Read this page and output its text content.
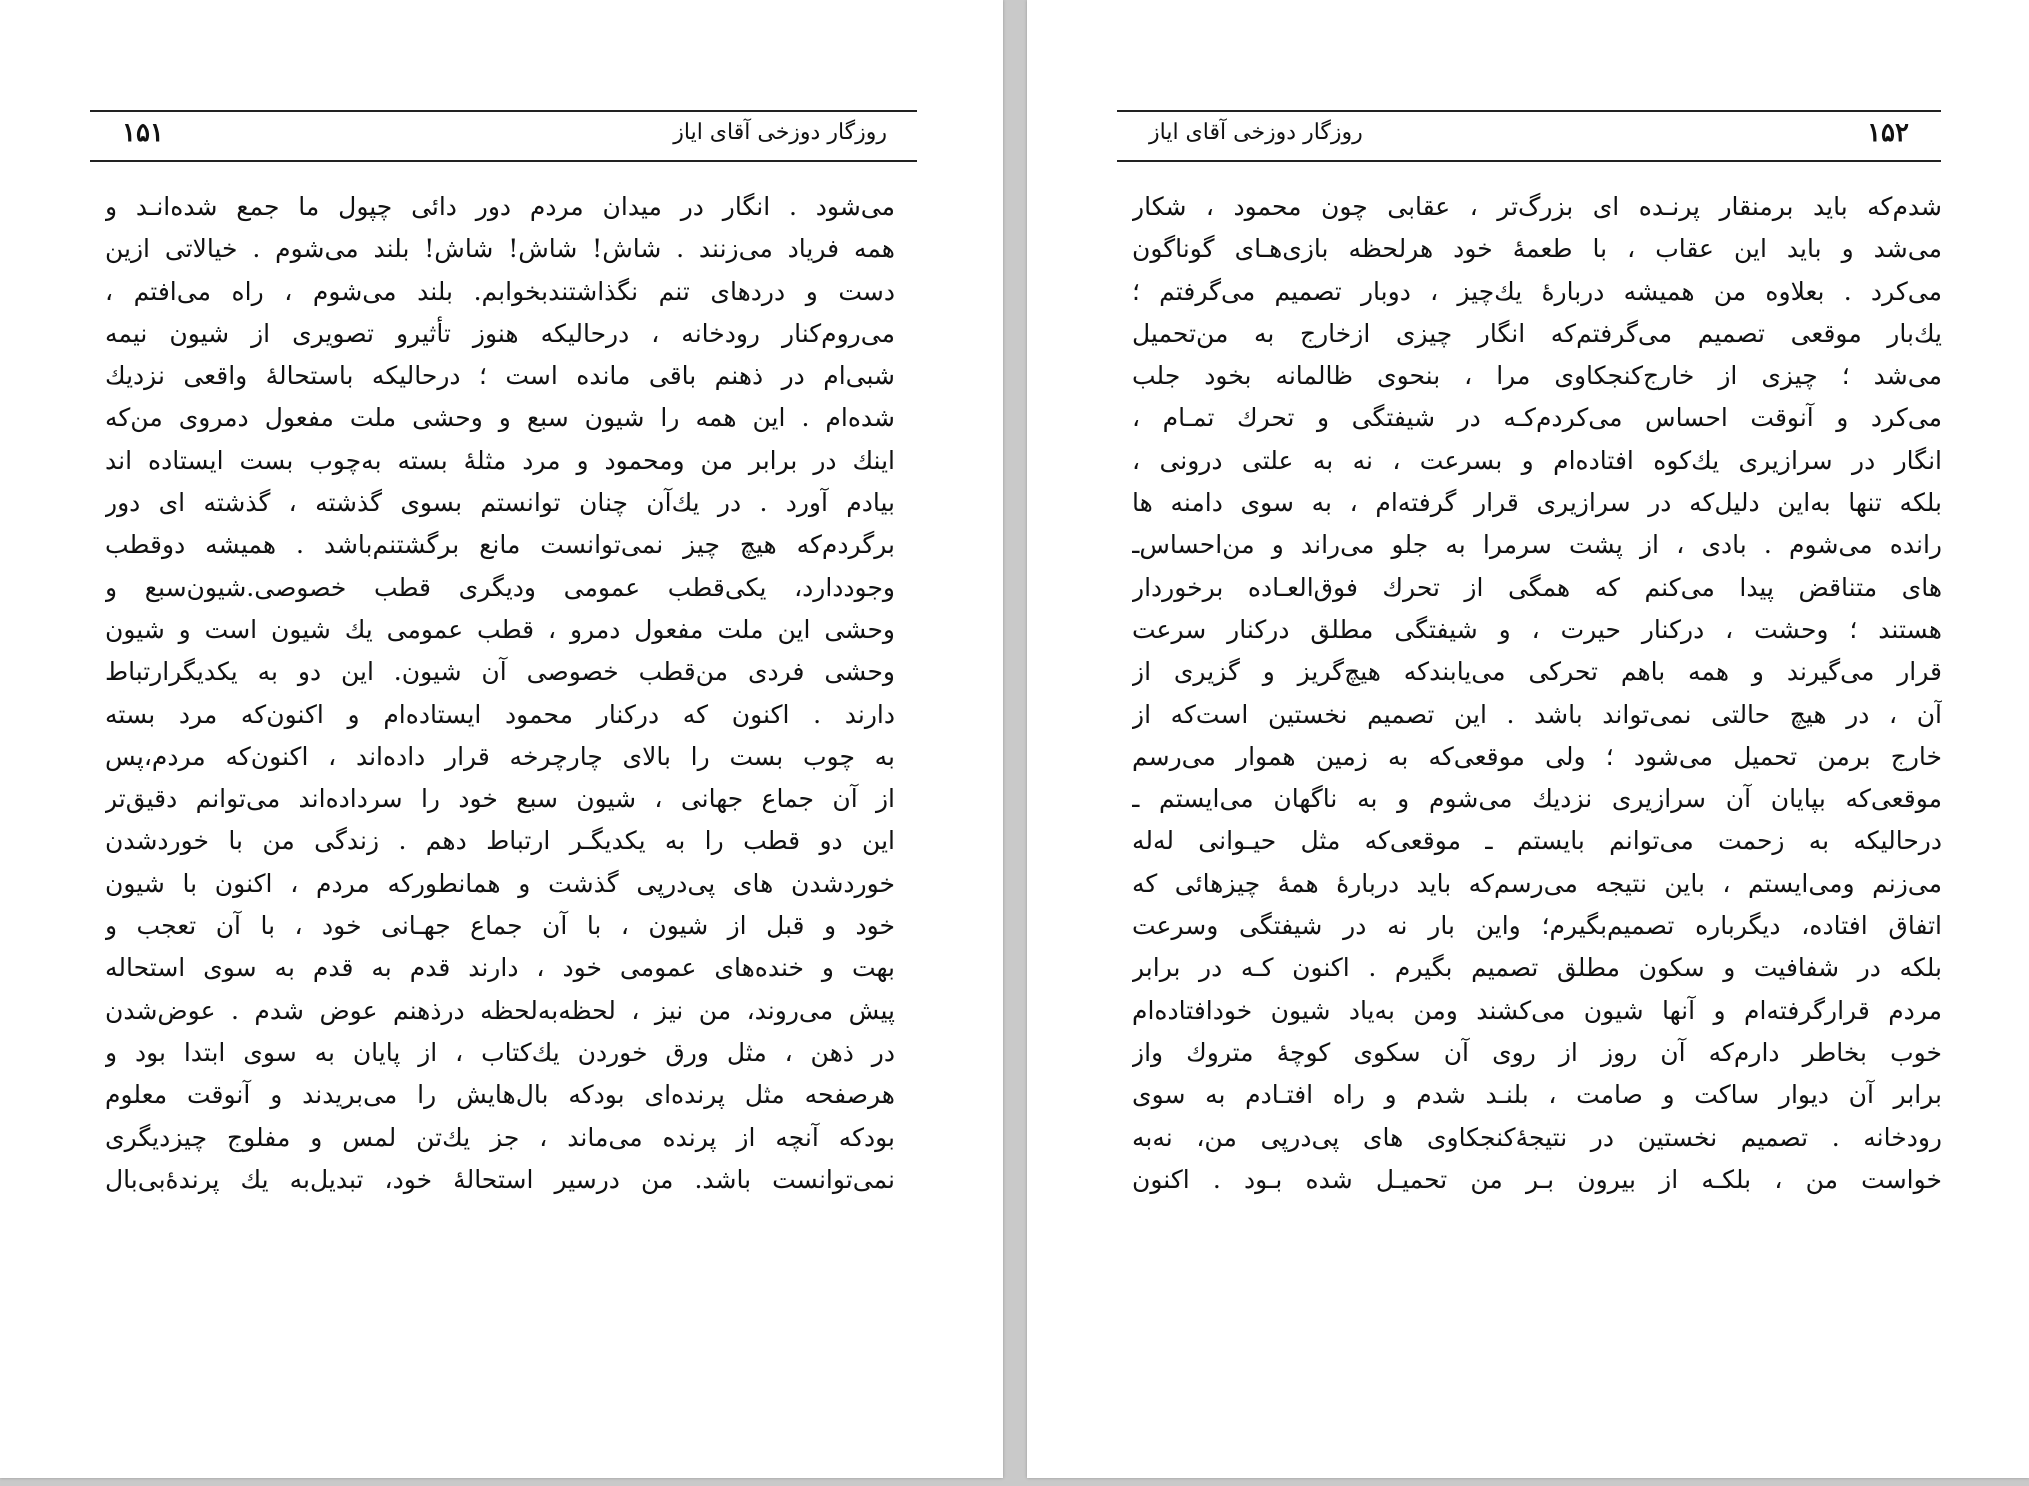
۱۵۱	روزگار دوزخی آقای ایاز
می‌شود . انگار در میدان مردم دور دائی چپول ما جمع شده‌انـد و
همه فریاد می‌زنند . شاش! شاش! شاش! بلند می‌شوم . خیالاتی ازین
دست و دردهای تنم نگذاشتندبخوابم. بلند می‌شوم ، راه می‌افتم ،
می‌روم‌کنار رودخانه ، درحالیکه هنوز تأثیرو تصویری از شیون نیمه‌
شبی‌ام در ذهنم باقی مانده است ؛ درحالیکه باستحالهٔ واقعی نزدیك
شده‌ام . این همه را شیون سبع و وحشی ملت مفعول دمروی من‌که
اینك در برابر من ومحمود و مرد مثلهٔ بسته به‌چوب بست ایستاده اند
بیادم آورد . در یك‌آن چنان توانستم بسوی گذشته ، گذشته ای دور
برگردم‌که هیچ چیز نمی‌توانست مانع برگشتنم‌باشد . همیشه دوقطب
وجوددارد، یکی‌قطب عمومی ودیگری قطب خصوصی.شیون‌سبع و
وحشی این ملت مفعول دمرو ، قطب عمومی یك شیون است و شیون
وحشی فردی من‌قطب خصوصی آن شیون. این دو به یکدیگرارتباط
دارند . اکنون که درکنار محمود ایستاده‌ام و اکنون‌که مرد بسته
به چوب بست را بالای چارچرخه قرار داده‌اند ، اکنون‌که مردم،پس
از آن جماع جهانی ، شیون سبع خود را سرداده‌اند می‌توانم دقیق‌تر
این دو قطب را به یکدیگـر ارتباط دهم . زندگی من با خوردشدن
خوردشدن های پی‌درپی گذشت و همانطورکه مردم ، اکنون با شیون
خود و قبل از شیون ، با آن جماع جهـانی خود ، با آن تعجب و
بهت و خنده‌های عمومی خود ، دارند قدم به قدم به سوی استحاله
پیش می‌روند، من نیز ، لحظه‌به‌لحظه درذهنم عوض شدم . عوض‌شدن
در ذهن ، مثل ورق خوردن یك‌کتاب ، از پایان به سوی ابتدا بود و
هرصفحه مثل پرنده‌ای بودکه بال‌هایش را می‌بریدند و آنوقت معلوم
بودکه آنچه از پرنده می‌ماند ، جز یك‌تن لمس و مفلوج چیزدیگری
نمی‌توانست باشد. من درسیر استحالهٔ خود، تبدیل‌به یك پرندهٔ‌بی‌بال
روزگار دوزخی آقای ایاز	۱۵۲
شدم‌که باید برمنقار پرنـده ای بزرگ‌تر ، عقابی چون محمود ، شکار
می‌شد و باید این عقاب ، با طعمهٔ خود هرلحظه بازی‌هـای گوناگون
می‌کرد . بعلاوه من همیشه دربارهٔ یك‌چیز ، دوبار تصمیم می‌گرفتم ؛
یك‌بار موقعی تصمیم می‌گرفتم‌که انگار چیزی ازخارج به من‌تحمیل
می‌شد ؛ چیزی از خارج‌کنجکاوی مرا ، بنحوی ظالمانه بخود جلب
می‌کرد و آنوقت احساس می‌کردم‌کـه در شیفتگی و تحرك تمـام ،
انگار در سرازیری یك‌کوه افتاده‌ام و بسرعت ، نه به علتی درونی ،
بلکه تنها به‌این دلیل‌که در سرازیری قرار گرفته‌ام ، به سوی دامنه ها
رانده می‌شوم . بادی ، از پشت سرمرا به جلو می‌راند و من‌احساس‌ـ
های متناقض پیدا می‌کنم که همگی از تحرك فوق‌العـاده برخوردار
هستند ؛ وحشت ، درکنار حیرت ، و شیفتگی مطلق درکنار سرعت
قرار می‌گیرند و همه باهم تحرکی می‌یابندکه هیچ‌گریز و گزیری از
آن ، در هیچ حالتی نمی‌تواند باشد . این تصمیم نخستین است‌که از
خارج برمن تحمیل می‌شود ؛ ولی موقعی‌که به زمین هموار می‌رسم
موقعی‌که بپایان آن سرازیری نزدیك می‌شوم و به ناگهان می‌ایستم ـ
درحالیکه به زحمت می‌توانم بایستم ـ موقعی‌که مثل حیـوانی له‌له
می‌زنم ومی‌ایستم ، باین نتیجه می‌رسم‌که باید دربارهٔ همهٔ چیزهائی که
اتفاق افتاده، دیگرباره تصمیم‌بگیرم؛ واین بار نه در شیفتگی وسرعت
بلکه در شفافیت و سکون مطلق تصمیم بگیرم . اکنون کـه در برابر
مردم قرارگرفته‌ام و آنها شیون می‌کشند ومن به‌یاد شیون خودافتاده‌ام
خوب بخاطر دارم‌که آن روز از روی آن سکوی کوچهٔ متروك واز
برابر آن دیوار ساکت و صامت ، بلنـد شدم و راه افتـادم به سوی
رودخانه . تصمیم نخستین در نتیجهٔ‌کنجکاوی های پی‌درپی من، نه‌به‌
خواست من ، بلکـه از بیرون بـر من تحمیـل شده بـود . اکنون
